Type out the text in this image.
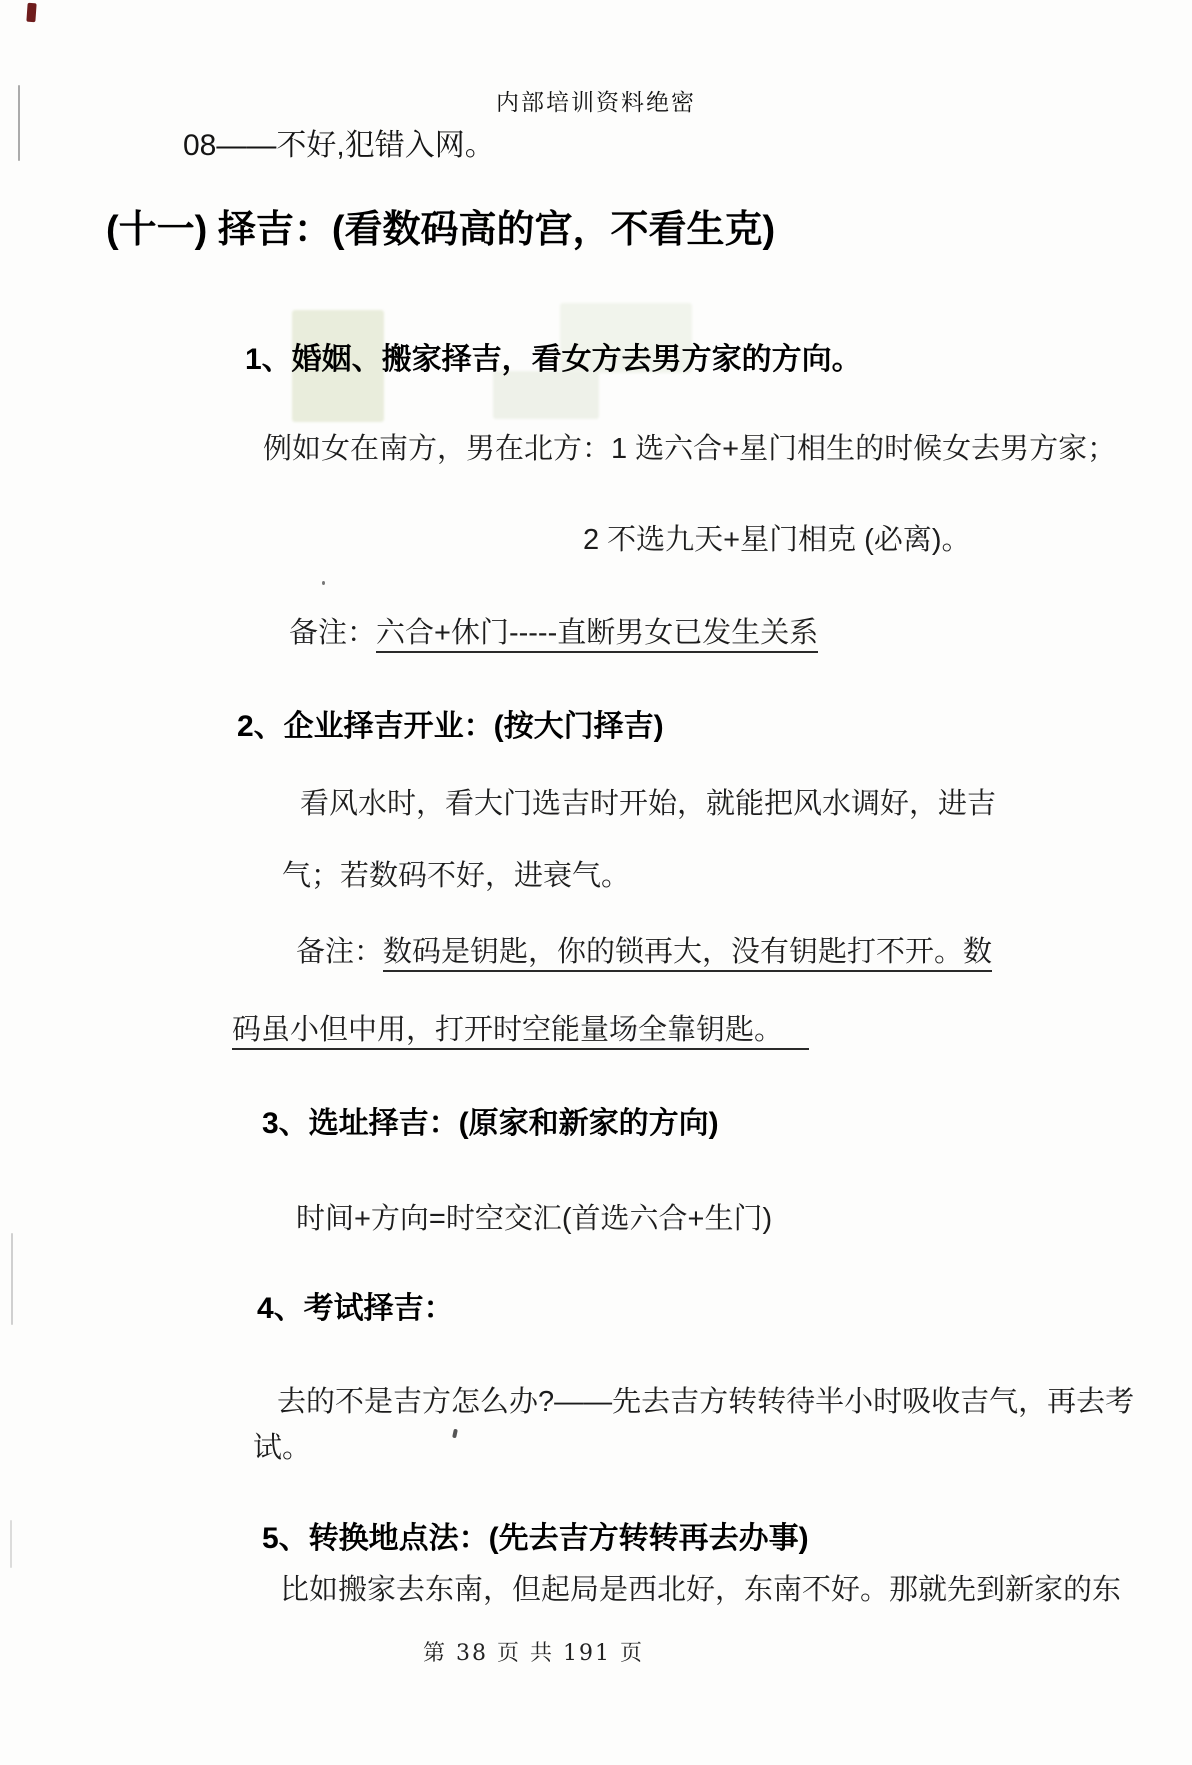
内部培训资料绝密

08——不好,犯错入网。

(十一) 择吉：(看数码高的宫，不看生克)
1、婚姻、搬家择吉，看女方去男方家的方向。

例如女在南方，男在北方：1 选六合+星门相生的时候女去男方家；

2 不选九天+星门相克 (必离)。

备注：六合+休门-----直断男女已发生关系

2、企业择吉开业：(按大门择吉)

看风水时，看大门选吉时开始，就能把风水调好，进吉

气；若数码不好，进衰气。

备注：数码是钥匙，你的锁再大，没有钥匙打不开。数

码虽小但中用，打开时空能量场全靠钥匙。

3、选址择吉：(原家和新家的方向)

时间+方向=时空交汇(首选六合+生门)

4、考试择吉：

去的不是吉方怎么办?——先去吉方转转待半小时吸收吉气，再去考

试。

5、转换地点法：(先去吉方转转再去办事)

比如搬家去东南，但起局是西北好，东南不好。那就先到新家的东

第 38 页 共 191 页
